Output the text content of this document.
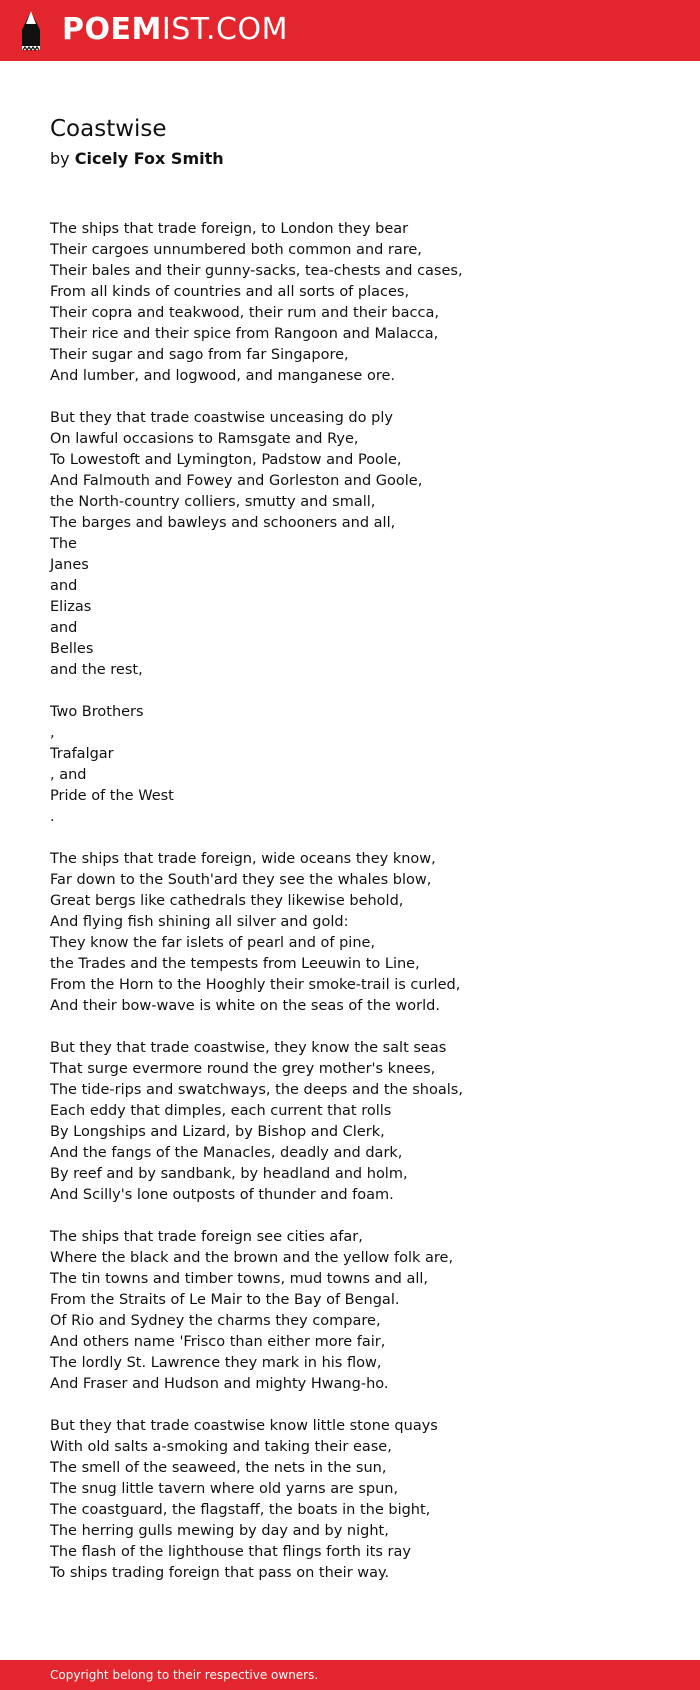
POEMIST.COM
Coastwise
by Cicely Fox Smith
The ships that trade foreign, to London they bear
Their cargoes unnumbered both common and rare,
Their bales and their gunny-sacks, tea-chests and cases,
From all kinds of countries and all sorts of places,
Their copra and teakwood, their rum and their bacca,
Their rice and their spice from Rangoon and Malacca,
Their sugar and sago from far Singapore,
And lumber, and logwood, and manganese ore.
But they that trade coastwise unceasing do ply
On lawful occasions to Ramsgate and Rye,
To Lowestoft and Lymington, Padstow and Poole,
And Falmouth and Fowey and Gorleston and Goole,
the North-country colliers, smutty and small,
The barges and bawleys and schooners and all,
The
Janes
and
Elizas
and
Belles
and the rest,
Two Brothers
,
Trafalgar
, and
Pride of the West
.
The ships that trade foreign, wide oceans they know,
Far down to the South'ard they see the whales blow,
Great bergs like cathedrals they likewise behold,
And flying fish shining all silver and gold:
They know the far islets of pearl and of pine,
the Trades and the tempests from Leeuwin to Line,
From the Horn to the Hooghly their smoke-trail is curled,
And their bow-wave is white on the seas of the world.
But they that trade coastwise, they know the salt seas
That surge evermore round the grey mother's knees,
The tide-rips and swatchways, the deeps and the shoals,
Each eddy that dimples, each current that rolls
By Longships and Lizard, by Bishop and Clerk,
And the fangs of the Manacles, deadly and dark,
By reef and by sandbank, by headland and holm,
And Scilly's lone outposts of thunder and foam.
The ships that trade foreign see cities afar,
Where the black and the brown and the yellow folk are,
The tin towns and timber towns, mud towns and all,
From the Straits of Le Mair to the Bay of Bengal.
Of Rio and Sydney the charms they compare,
And others name 'Frisco than either more fair,
The lordly St. Lawrence they mark in his flow,
And Fraser and Hudson and mighty Hwang-ho.
But they that trade coastwise know little stone quays
With old salts a-smoking and taking their ease,
The smell of the seaweed, the nets in the sun,
The snug little tavern where old yarns are spun,
The coastguard, the flagstaff, the boats in the bight,
The herring gulls mewing by day and by night,
The flash of the lighthouse that flings forth its ray
To ships trading foreign that pass on their way.
Copyright belong to their respective owners.
